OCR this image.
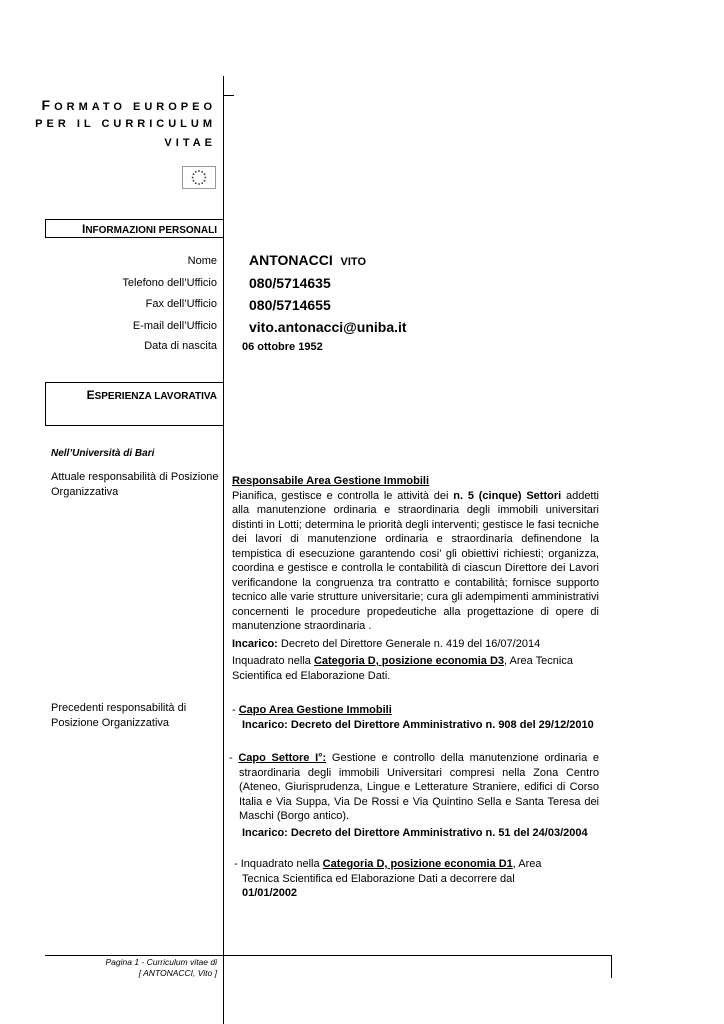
FORMATO EUROPEO
PER IL CURRICULUM
VITAE
INFORMAZIONI PERSONALI
Nome ANTONACCI VITO
Telefono dell’Ufficio 080/5714635
Fax dell’Ufficio 080/5714655
E-mail dell’Ufficio vito.antonacci@uniba.it
Data di nascita 06 ottobre 1952
ESPERIENZA LAVORATIVA
Nell’Università di Bari
Attuale responsabilità di Posizione Organizzativa
Responsabile Area Gestione Immobili
Pianifica, gestisce e controlla le attività dei n. 5 (cinque) Settori addetti alla manutenzione ordinaria e straordinaria degli immobili universitari distinti in Lotti; determina le priorità degli interventi; gestisce le fasi tecniche dei lavori di manutenzione ordinaria e straordinaria definendone la tempistica di esecuzione garantendo cosi’ gli obiettivi richiesti; organizza, coordina e gestisce e controlla le contabilità di ciascun Direttore dei Lavori verificandone la congruenza tra contratto e contabilità; fornisce supporto tecnico alle varie strutture universitarie; cura gli adempimenti amministrativi concernenti le procedure propedeutiche alla progettazione di opere di manutenzione straordinaria .
Incarico: Decreto del Direttore Generale n. 419 del 16/07/2014
Inquadrato nella Categoria D, posizione economia D3, Area Tecnica Scientifica ed Elaborazione Dati.
Precedenti responsabilità di Posizione Organizzativa
- Capo Area Gestione Immobili
Incarico: Decreto del Direttore Amministrativo n. 908 del 29/12/2010
- Capo Settore I°: Gestione e controllo della manutenzione ordinaria e straordinaria degli immobili Universitari compresi nella Zona Centro (Ateneo, Giurisprudenza, Lingue e Letterature Straniere, edifici di Corso Italia e Via Suppa, Via De Rossi e Via Quintino Sella e Santa Teresa dei Maschi (Borgo antico).
Incarico: Decreto del Direttore Amministrativo n. 51 del 24/03/2004
- Inquadrato nella Categoria D, posizione economia D1, Area Tecnica Scientifica ed Elaborazione Dati a decorrere dal 01/01/2002
Pagina 1 - Curriculum vitae di
[ ANTONACCI, Vito ]
